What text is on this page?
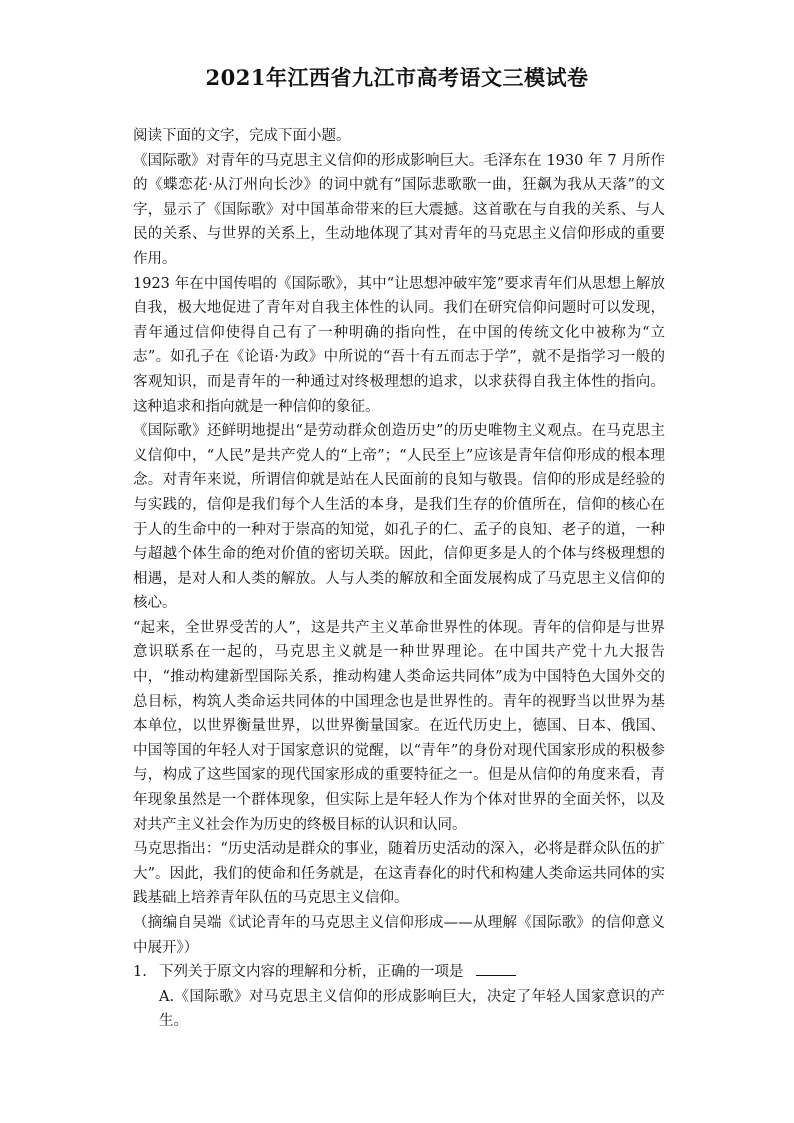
2021年江西省九江市高考语文三模试卷

阅读下面的文字，完成下面小题。

《国际歌》对青年的马克思主义信仰的形成影响巨大。毛泽东在 1930 年 7 月所作的《蝶恋花·从汀州向长沙》的词中就有“国际悲歌歌一曲，狂飙为我从天落”的文字，显示了《国际歌》对中国革命带来的巨大震撼。这首歌在与自我的关系、与人民的关系、与世界的关系上，生动地体现了其对青年的马克思主义信仰形成的重要作用。

1923 年在中国传唱的《国际歌》，其中“让思想冲破牢笼”要求青年们从思想上解放自我，极大地促进了青年对自我主体性的认同。我们在研究信仰问题时可以发现，青年通过信仰使得自己有了一种明确的指向性，在中国的传统文化中被称为“立志”。如孔子在《论语·为政》中所说的“吾十有五而志于学”，就不是指学习一般的客观知识，而是青年的一种通过对终极理想的追求，以求获得自我主体性的指向。这种追求和指向就是一种信仰的象征。

《国际歌》还鲜明地提出“是劳动群众创造历史”的历史唯物主义观点。在马克思主义信仰中，“人民”是共产党人的“上帝”；“人民至上”应该是青年信仰形成的根本理念。对青年来说，所谓信仰就是站在人民面前的良知与敬畏。信仰的形成是经验的与实践的，信仰是我们每个人生活的本身，是我们生存的价值所在，信仰的核心在于人的生命中的一种对于崇高的知觉，如孔子的仁、孟子的良知、老子的道，一种与超越个体生命的绝对价值的密切关联。因此，信仰更多是人的个体与终极理想的相遇，是对人和人类的解放。人与人类的解放和全面发展构成了马克思主义信仰的核心。

“起来，全世界受苦的人”，这是共产主义革命世界性的体现。青年的信仰是与世界意识联系在一起的，马克思主义就是一种世界理论。在中国共产党十九大报告中，“推动构建新型国际关系，推动构建人类命运共同体”成为中国特色大国外交的总目标，构筑人类命运共同体的中国理念也是世界性的。青年的视野当以世界为基本单位，以世界衡量世界，以世界衡量国家。在近代历史上，德国、日本、俄国、中国等国的年轻人对于国家意识的觉醒，以“青年”的身份对现代国家形成的积极参与，构成了这些国家的现代国家形成的重要特征之一。但是从信仰的角度来看，青年现象虽然是一个群体现象，但实际上是年轻人作为个体对世界的全面关怀，以及对共产主义社会作为历史的终极目标的认识和认同。

马克思指出：“历史活动是群众的事业，随着历史活动的深入，必将是群众队伍的扩大”。因此，我们的使命和任务就是，在这青春化的时代和构建人类命运共同体的实践基础上培养青年队伍的马克思主义信仰。

（摘编自吴端《试论青年的马克思主义信仰形成——从理解《国际歌》的信仰意义中展开》）

1. 下列关于原文内容的理解和分析，正确的一项是

A.《国际歌》对马克思主义信仰的形成影响巨大，决定了年轻人国家意识的产生。
